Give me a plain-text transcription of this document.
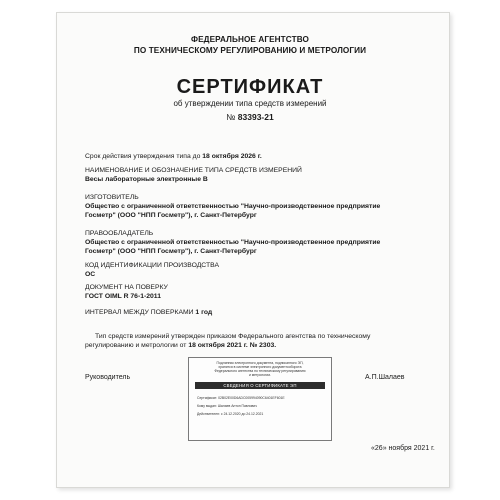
ФЕДЕРАЛЬНОЕ АГЕНТСТВО
ПО ТЕХНИЧЕСКОМУ РЕГУЛИРОВАНИЮ И МЕТРОЛОГИИ
СЕРТИФИКАТ
об утверждении типа средств измерений
№ 83393-21
Срок действия утверждения типа до 18 октября 2026 г.
НАИМЕНОВАНИЕ И ОБОЗНАЧЕНИЕ ТИПА СРЕДСТВ ИЗМЕРЕНИЙ
Весы лабораторные электронные В
ИЗГОТОВИТЕЛЬ
Общество с ограниченной ответственностью "Научно-производственное предприятие
Госметр" (ООО "НПП Госметр"), г. Санкт-Петербург
ПРАВООБЛАДАТЕЛЬ
Общество с ограниченной ответственностью "Научно-производственное предприятие
Госметр" (ООО "НПП Госметр"), г. Санкт-Петербург
КОД ИДЕНТИФИКАЦИИ ПРОИЗВОДСТВА
ОС
ДОКУМЕНТ НА ПОВЕРКУ
ГОСТ OIML R 76-1-2011
ИНТЕРВАЛ МЕЖДУ ПОВЕРКАМИ 1 год
Тип средств измерений утвержден приказом Федерального агентства по техническому
регулированию и метрологии от 18 октября 2021 г. № 2303.
Руководитель	А.П.Шалаев
Подлинник электронного документа, подписанного ЭП,
хранится в системе электронного документооборота
Федерального агентства по техническому регулированию
и метрологии.
СВЕДЕНИЯ О СЕРТИФИКАТЕ ЭП
Сертификат: 02B02E00D6ADC005994090C6401EF601E
Кому выдан: Шалаев Антон Павлович
Действителен: с 24.12.2020 до 24.12.2021
«26» ноября 2021 г.
